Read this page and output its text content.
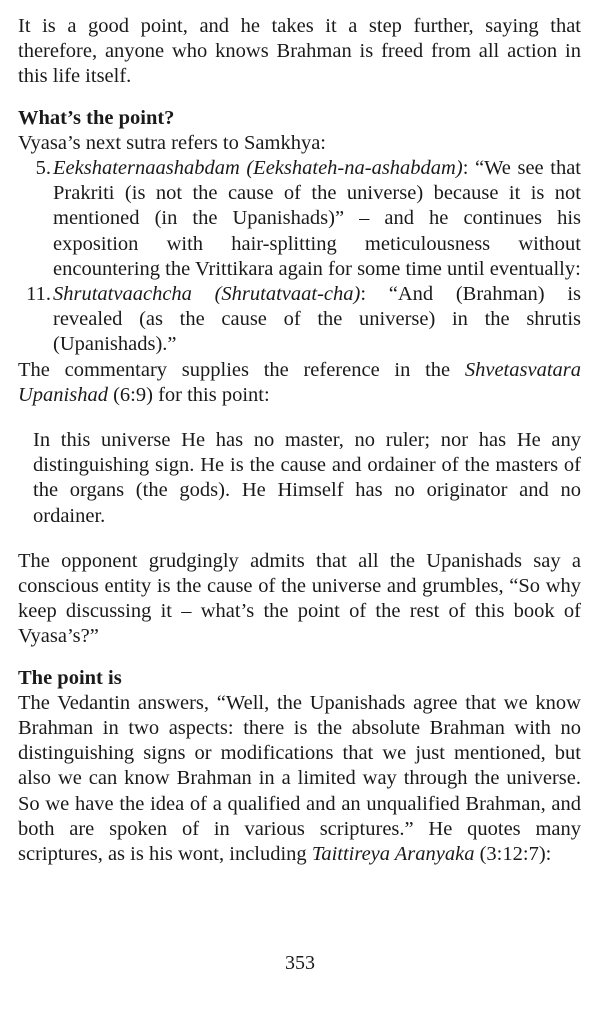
It is a good point, and he takes it a step further, saying that therefore, anyone who knows Brahman is freed from all action in this life itself.

What’s the point?

Vyasa’s next sutra refers to Samkhya:

5. Eekshaternaashabdam (Eekshateh-na-ashabdam): “We see that Prakriti (is not the cause of the universe) because it is not mentioned (in the Upanishads)” – and he continues his exposition with hair-splitting meticulousness without encountering the Vrittikara again for some time until eventually:
11. Shrutatvaachcha (Shrutatvaat-cha): “And (Brahman) is revealed (as the cause of the universe) in the shrutis (Upanishads).”

The commentary supplies the reference in the Shvetasvatara Upanishad (6:9) for this point:

In this universe He has no master, no ruler; nor has He any distinguishing sign. He is the cause and ordainer of the masters of the organs (the gods). He Himself has no originator and no ordainer.

The opponent grudgingly admits that all the Upanishads say a conscious entity is the cause of the universe and grumbles, “So why keep discussing it – what’s the point of the rest of this book of Vyasa’s?”

The point is

The Vedantin answers, “Well, the Upanishads agree that we know Brahman in two aspects: there is the absolute Brahman with no distinguishing signs or modifications that we just mentioned, but also we can know Brahman in a limited way through the universe. So we have the idea of a qualified and an unqualified Brahman, and both are spoken of in various scriptures.” He quotes many scriptures, as is his wont, including Taittireya Aranyaka (3:12:7):

353
